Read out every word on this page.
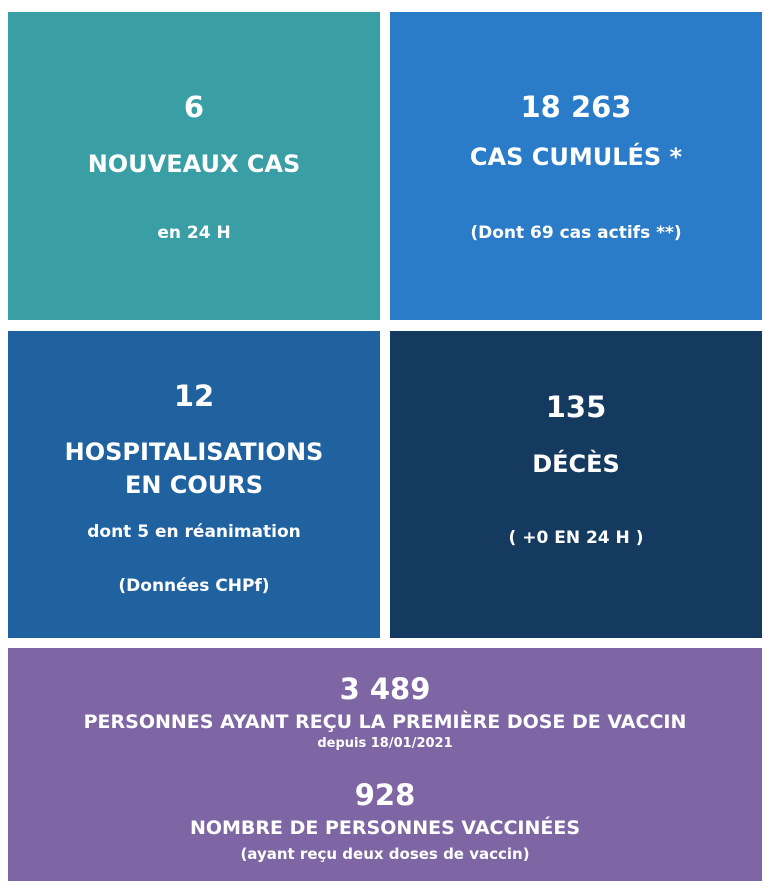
6
NOUVEAUX CAS
en 24 H
18 263
CAS CUMULÉS *
(Dont 69 cas actifs **)
12
HOSPITALISATIONS
EN COURS
dont 5 en réanimation
(Données CHPf)
135
DÉCÈS
( +0 EN 24 H )
3 489
PERSONNES AYANT REÇU LA PREMIÈRE DOSE DE VACCIN
depuis 18/01/2021
928
NOMBRE DE PERSONNES VACCINÉES
(ayant reçu deux doses de vaccin)
